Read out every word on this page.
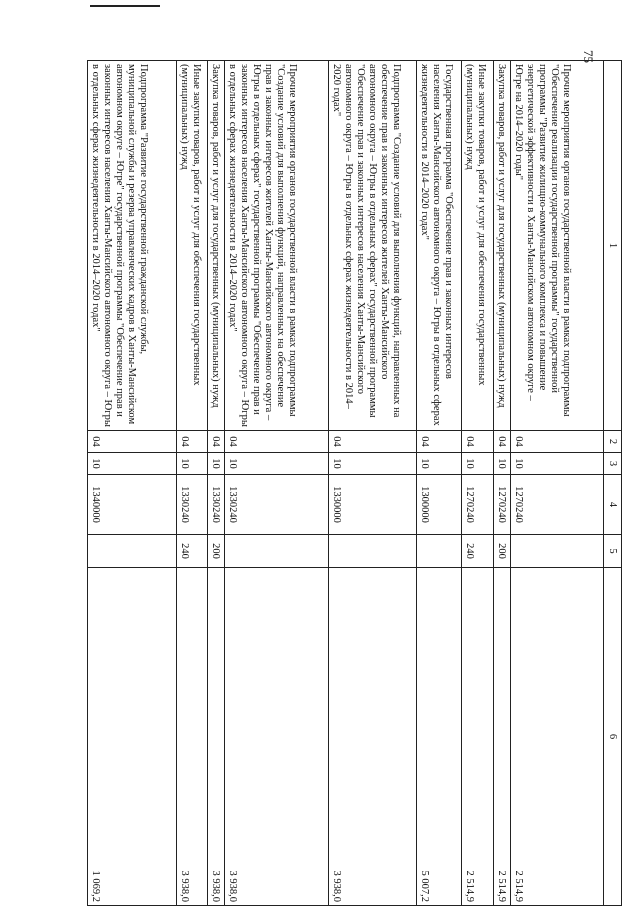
75
1	2	3	4	5	6
Прочие мероприятия органов государственной власти в рамках подпрограммы "Обеспечение реализации государственной программы" государственной программы "Развитие жилищно-коммунального комплекса и повышение энергетической эффективности в Ханты-Мансийском автономном округе – Югре на 2014–2020 годы"	04	10	1270240		2 514,9
Закупка товаров, работ и услуг для государственных (муниципальных) нужд	04	10	1270240	200	2 514,9
Иные закупки товаров, работ и услуг для обеспечения государственных (муниципальных) нужд	04	10	1270240	240	2 514,9
Государственная программа "Обеспечение прав и законных интересов населения Ханты-Мансийского автономного округа – Югры в отдельных сферах жизнедеятельности в 2014–2020 годах"	04	10	1300000		5 007,2
Подпрограмма "Создание условий для выполнения функций, направленных на обеспечение прав и законных интересов жителей Ханты-Мансийского автономного округа – Югры в отдельных сферах" государственной программы "Обеспечение прав и законных интересов населения Ханты-Мансийского автономного округа – Югры в отдельных сферах жизнедеятельности в 2014–2020 годах"	04	10	1330000		3 938,0
Прочие мероприятия органов государственной власти в рамках подпрограммы "Создание условий для выполнения функций, направленных на обеспечение прав и законных интересов жителей Ханты-Мансийского автономного округа – Югры в отдельных сферах" государственной программы "Обеспечение прав и законных интересов населения Ханты-Мансийского автономного округа – Югры в отдельных сферах жизнедеятельности в 2014–2020 годах"	04	10	1330240		3 938,0
Закупка товаров, работ и услуг для государственных (муниципальных) нужд	04	10	1330240	200	3 938,0
Иные закупки товаров, работ и услуг для обеспечения государственных (муниципальных) нужд	04	10	1330240	240	3 938,0
Подпрограмма "Развитие государственной гражданской службы, муниципальной службы и резерва управленческих кадров в Ханты-Мансийском автономном округе – Югре" государственной программы "Обеспечение прав и законных интересов населения Ханты-Мансийского автономного округа – Югры в отдельных сферах жизнедеятельности в 2014–2020 годах"	04	10	1340000		1 069,2
